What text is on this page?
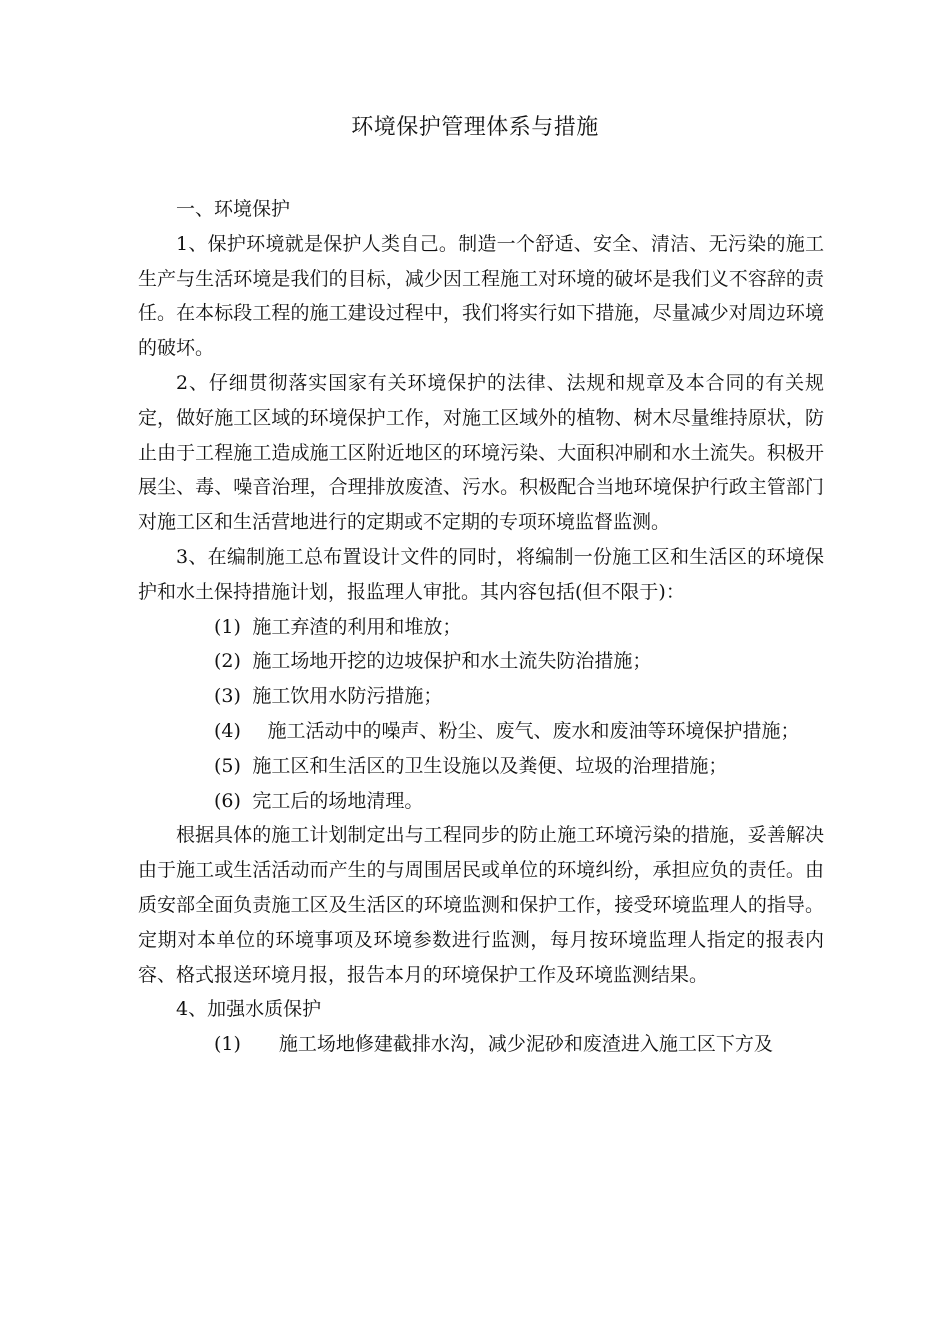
环境保护管理体系与措施

一、环境保护

1、保护环境就是保护人类自己。制造一个舒适、安全、清洁、无污染的施工生产与生活环境是我们的目标，减少因工程施工对环境的破坏是我们义不容辞的责任。在本标段工程的施工建设过程中，我们将实行如下措施，尽量减少对周边环境的破坏。

2、仔细贯彻落实国家有关环境保护的法律、法规和规章及本合同的有关规定，做好施工区域的环境保护工作，对施工区域外的植物、树木尽量维持原状，防止由于工程施工造成施工区附近地区的环境污染、大面积冲刷和水土流失。积极开展尘、毒、噪音治理，合理排放废渣、污水。积极配合当地环境保护行政主管部门对施工区和生活营地进行的定期或不定期的专项环境监督监测。

3、在编制施工总布置设计文件的同时，将编制一份施工区和生活区的环境保护和水土保持措施计划，报监理人审批。其内容包括(但不限于)：

(1) 施工弃渣的利用和堆放；

(2) 施工场地开挖的边坡保护和水土流失防治措施；

(3) 施工饮用水防污措施；

(4) 施工活动中的噪声、粉尘、废气、废水和废油等环境保护措施；

(5) 施工区和生活区的卫生设施以及粪便、垃圾的治理措施；

(6) 完工后的场地清理。

根据具体的施工计划制定出与工程同步的防止施工环境污染的措施，妥善解决由于施工或生活活动而产生的与周围居民或单位的环境纠纷，承担应负的责任。由质安部全面负责施工区及生活区的环境监测和保护工作，接受环境监理人的指导。定期对本单位的环境事项及环境参数进行监测，每月按环境监理人指定的报表内容、格式报送环境月报，报告本月的环境保护工作及环境监测结果。

4、加强水质保护

(1) 施工场地修建截排水沟，减少泥砂和废渣进入施工区下方及
